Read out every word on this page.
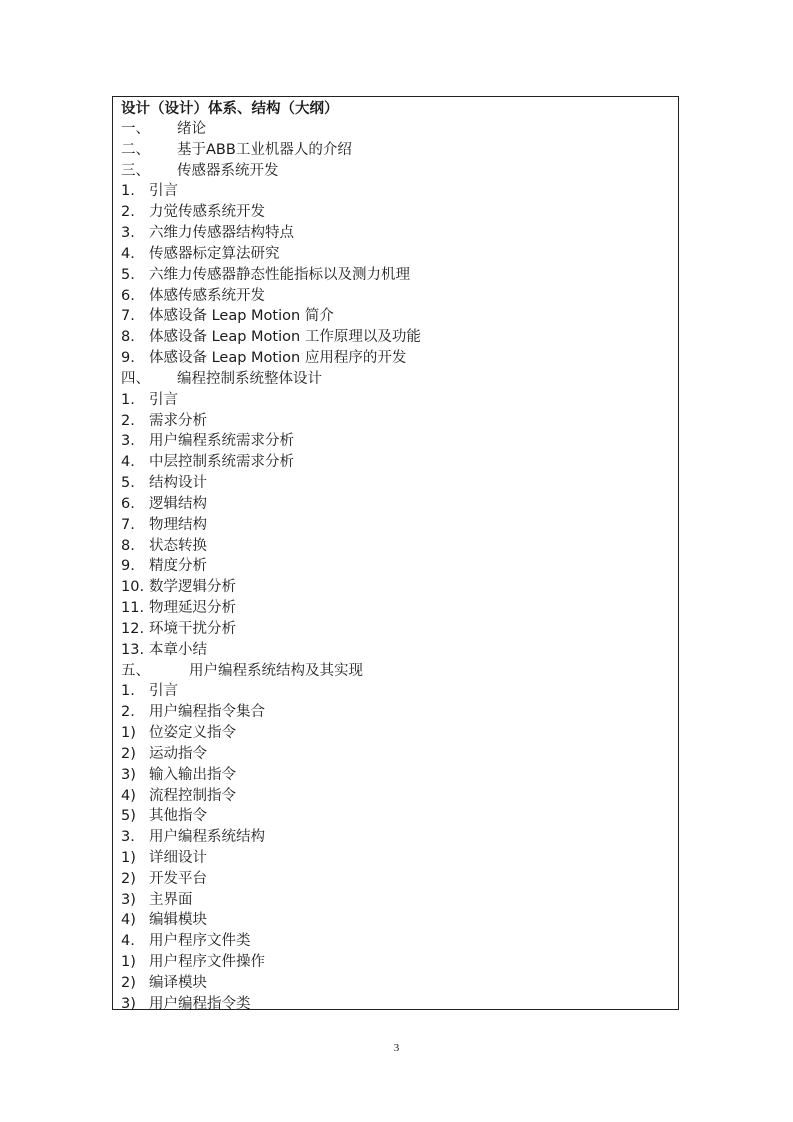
设计（设计）体系、结构（大纲）
一、 绪论
二、 基于ABB工业机器人的介绍
三、 传感器系统开发
1. 引言
2. 力觉传感系统开发
3. 六维力传感器结构特点
4. 传感器标定算法研究
5. 六维力传感器静态性能指标以及测力机理
6. 体感传感系统开发
7. 体感设备 Leap Motion 简介
8. 体感设备 Leap Motion 工作原理以及功能
9. 体感设备 Leap Motion 应用程序的开发
四、 编程控制系统整体设计
1. 引言
2. 需求分析
3. 用户编程系统需求分析
4. 中层控制系统需求分析
5. 结构设计
6. 逻辑结构
7. 物理结构
8. 状态转换
9. 精度分析
10. 数学逻辑分析
11. 物理延迟分析
12. 环境干扰分析
13. 本章小结
五、	用户编程系统结构及其实现
1. 引言
2. 用户编程指令集合
1) 位姿定义指令
2) 运动指令
3) 输入输出指令
4) 流程控制指令
5) 其他指令
3. 用户编程系统结构
1) 详细设计
2) 开发平台
3) 主界面
4) 编辑模块
4. 用户程序文件类
1) 用户程序文件操作
2) 编译模块
3) 用户编程指令类
3
